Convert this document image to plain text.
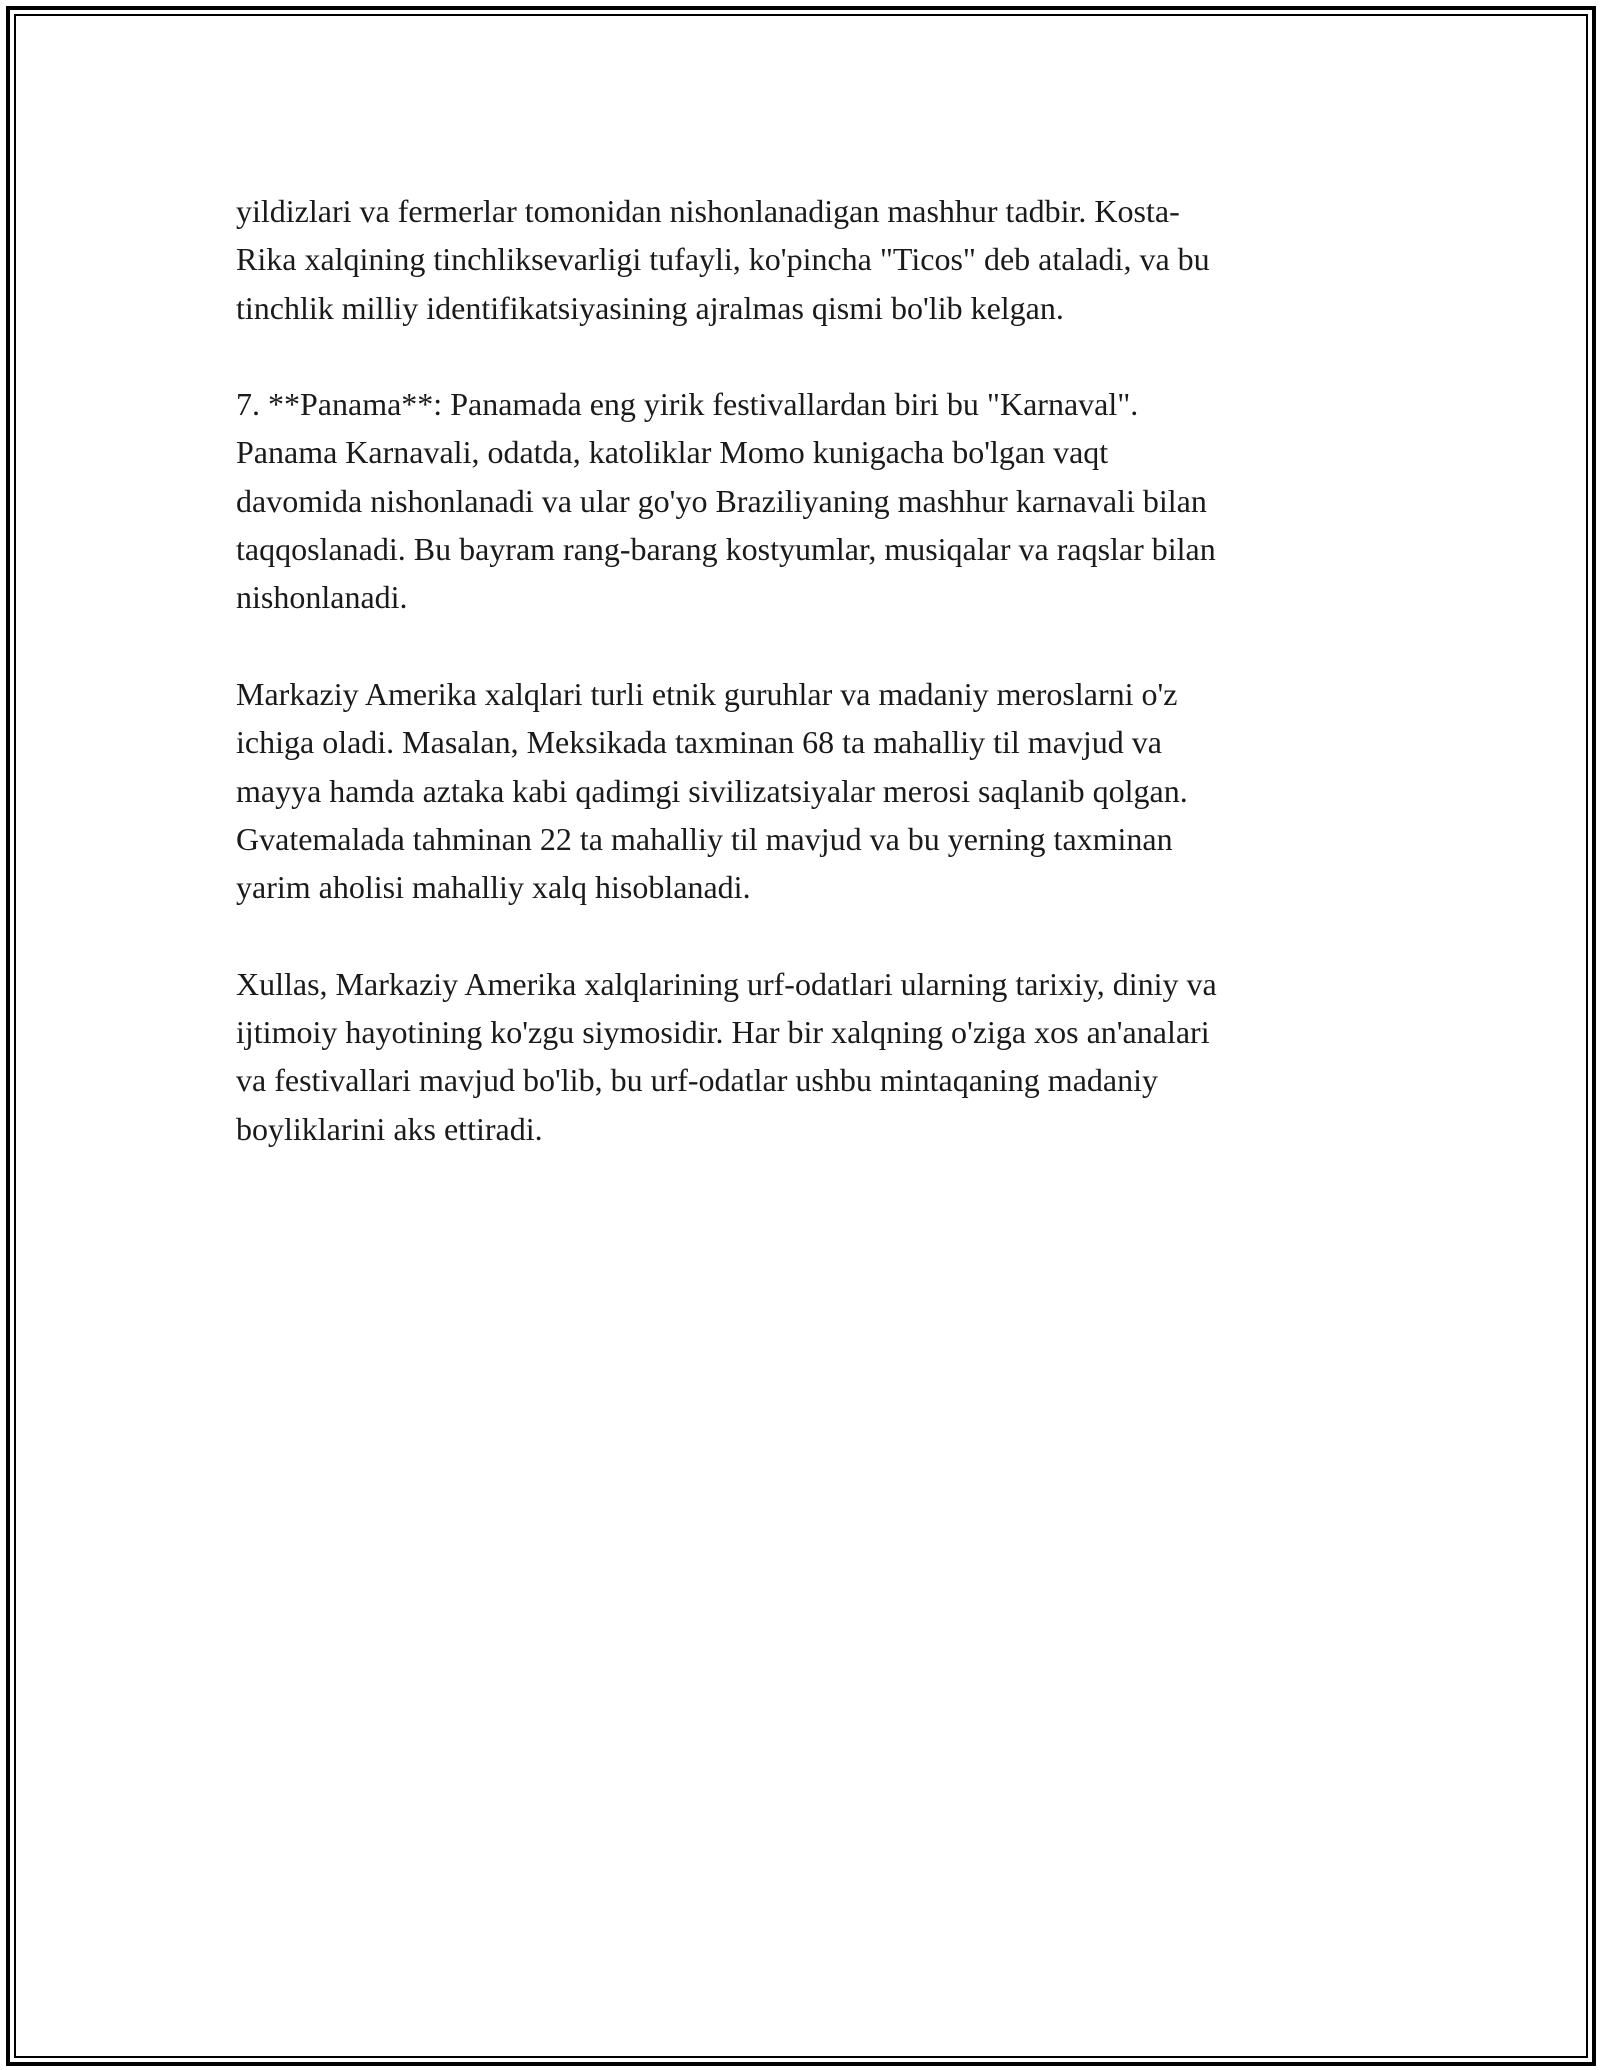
yildizlari va fermerlar tomonidan nishonlanadigan mashhur tadbir. Kosta-
Rika xalqining tinchliksevarligi tufayli, ko'pincha "Ticos" deb ataladi, va bu
tinchlik milliy identifikatsiyasining ajralmas qismi bo'lib kelgan.

7. **Panama**: Panamada eng yirik festivallardan biri bu "Karnaval".
Panama Karnavali, odatda, katoliklar Momo kunigacha bo'lgan vaqt
davomida nishonlanadi va ular go'yo Braziliyaning mashhur karnavali bilan
taqqoslanadi. Bu bayram rang-barang kostyumlar, musiqalar va raqslar bilan
nishonlanadi.

Markaziy Amerika xalqlari turli etnik guruhlar va madaniy meroslarni o'z
ichiga oladi. Masalan, Meksikada taxminan 68 ta mahalliy til mavjud va
mayya hamda aztaka kabi qadimgi sivilizatsiyalar merosi saqlanib qolgan.
Gvatemalada tahminan 22 ta mahalliy til mavjud va bu yerning taxminan
yarim aholisi mahalliy xalq hisoblanadi.

Xullas, Markaziy Amerika xalqlarining urf-odatlari ularning tarixiy, diniy va
ijtimoiy hayotining ko'zgu siymosidir. Har bir xalqning o'ziga xos an'analari
va festivallari mavjud bo'lib, bu urf-odatlar ushbu mintaqaning madaniy
boyliklarini aks ettiradi.
